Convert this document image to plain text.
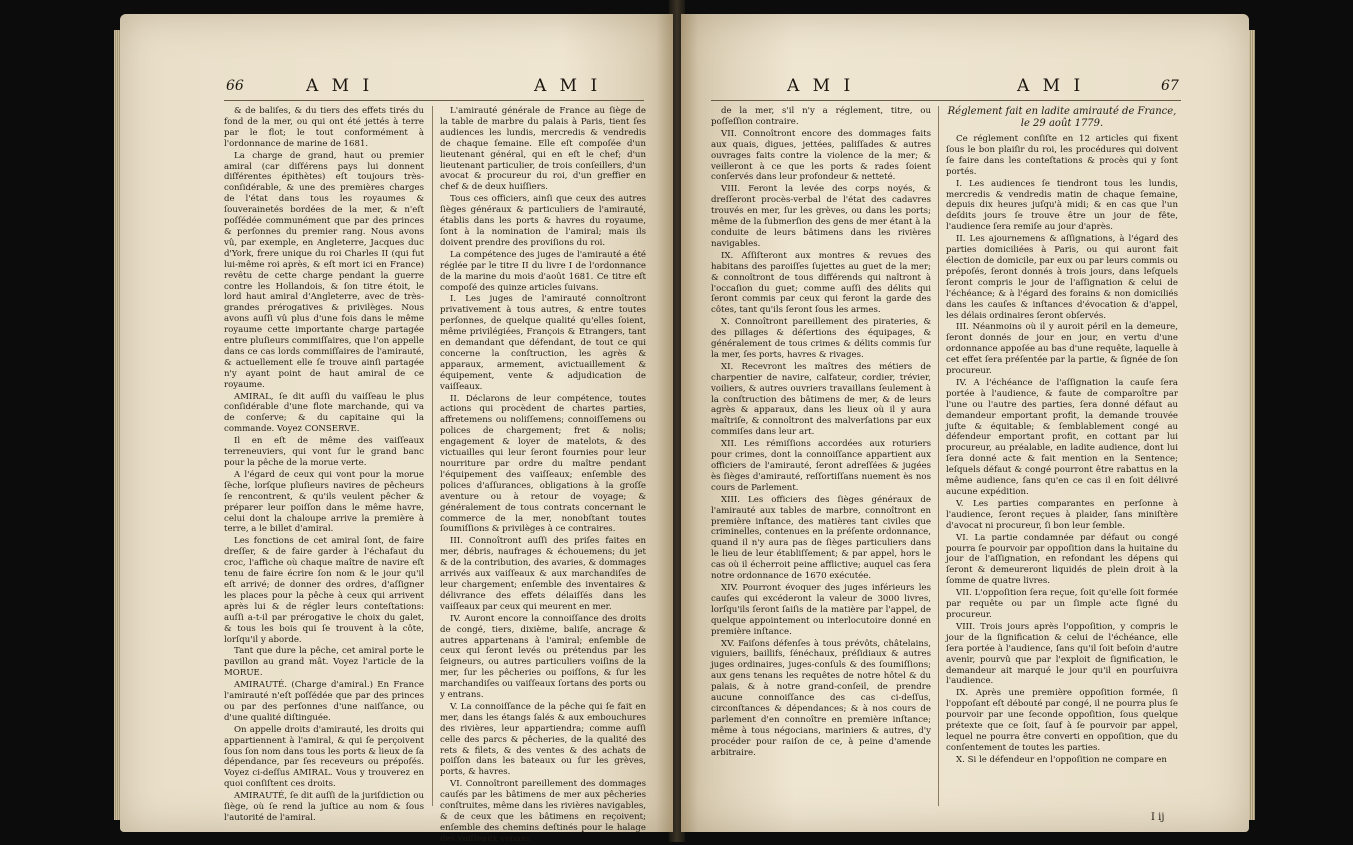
66	A M I	A M I

& de baliſes, & du tiers des effets tirés du fond de la mer, ou qui ont été jettés à terre par le flot; le tout conformément à l'ordonnance de marine de 1681.

La charge de grand, haut ou premier amiral (car diſférens pays lui donnent diſférentes épithètes) eſt toujours très-conſidérable, & une des premières charges de l'état dans tous les royaumes & ſouverainetés bordées de la mer, & n'eſt poſſédée communément que par des princes & perſonnes du premier rang. Nous avons vû, par exemple, en Angleterre, Jacques duc d'York, frere unique du roi Charles II (qui fut lui-même roi après, & eſt mort ici en France) revêtu de cette charge pendant la guerre contre les Hollandois, & ſon titre étoit, le lord haut amiral d'Angleterre, avec de très-grandes prérogatives & privilèges. Nous avons auſſi vû plus d'une fois dans le même royaume cette importante charge partagée entre pluſieurs commiſſaires, que l'on appelle dans ce cas lords commiſſaires de l'amirauté, & actuellement elle ſe trouve ainſi partagée n'y ayant point de haut amiral de ce royaume.

AMIRAL, ſe dit auſſi du vaiſſeau le plus conſidérable d'une flote marchande, qui va de conſerve; & du capitaine qui la commande. Voyez CONSERVE.

Il en eſt de même des vaiſſeaux terreneuviers, qui vont ſur le grand banc pour la pêche de la morue verte.

A l'égard de ceux qui vont pour la morue ſèche, lorſque pluſieurs navires de pêcheurs ſe rencontrent, & qu'ils veulent pêcher & préparer leur poiſſon dans le même havre, celui dont la chaloupe arrive la première à terre, a le billet d'amiral.

Les fonctions de cet amiral ſont, de faire dreſſer, & de faire garder à l'échafaut du croc, l'affiche où chaque maître de navire eſt tenu de faire écrire ſon nom & le jour qu'il eſt arrivé; de donner des ordres, d'aſſigner les places pour la pêche à ceux qui arrivent après lui & de régler leurs conteſtations: auſſi a-t-il par prérogative le choix du galet, & tous les bois qui ſe trouvent à la côte, lorſqu'il y aborde.

Tant que dure la pêche, cet amiral porte le pavillon au grand mât. Voyez l'article de la MORUE.

AMIRAUTÉ. (Charge d'amiral.) En France l'amirauté n'eſt poſſédée que par des princes ou par des perſonnes d'une naiſſance, ou d'une qualité diſtinguée.

On appelle droits d'amirauté, les droits qui appartiennent à l'amiral, & qui ſe perçoivent ſous ſon nom dans tous les ports & lieux de ſa dépendance, par ſes receveurs ou prépoſés. Voyez ci-deſſus AMIRAL. Vous y trouverez en quoi conſiſtent ces droits.

AMIRAUTÉ, ſe dit auſſi de la juriſdiction ou ſiège, où ſe rend la juſtice au nom & ſous l'autorité de l'amiral.

L'amirauté générale de France au ſiège de la table de marbre du palais à Paris, tient ſes audiences les lundis, mercredis & vendredis de chaque ſemaine. Elle eſt compoſée d'un lieutenant général, qui en eſt le chef; d'un lieutenant particulier, de trois conſeillers, d'un avocat & procureur du roi, d'un greffier en chef & de deux huiſſiers.

Tous ces officiers, ainſi que ceux des autres ſièges généraux & particuliers de l'amirauté, établis dans les ports & havres du royaume, ſont à la nomination de l'amiral; mais ils doivent prendre des proviſions du roi.

La compétence des juges de l'amirauté a été réglée par le titre II du livre I de l'ordonnance de la marine du mois d'août 1681. Ce titre eſt compoſé des quinze articles ſuivans.

I. Les juges de l'amirauté connoîtront privativement à tous autres, & entre toutes perſonnes, de quelque qualité qu'elles ſoient, même privilégiées, François & Etrangers, tant en demandant que défendant, de tout ce qui concerne la conſtruction, les agrès & apparaux, armement, avictuaillement & équipement, vente & adjudication de vaiſſeaux.

II. Déclarons de leur compétence, toutes actions qui procèdent de chartes parties, affretemens ou noliſſemens; connoiſſemens ou polices de chargement; fret & nolis; engagement & loyer de matelots, & des victuailles qui leur ſeront fournies pour leur nourriture par ordre du maître pendant l'équipement des vaiſſeaux; enſemble des polices d'aſſurances, obligations à la groſſe aventure ou à retour de voyage; & généralement de tous contrats concernant le commerce de la mer, nonobſtant toutes ſoumiſſions & privilèges à ce contraires.

III. Connoîtront auſſi des priſes faites en mer, débris, naufrages & échouemens; du jet & de la contribution, des avaries, & dommages arrivés aux vaiſſeaux & aux marchandiſes de leur chargement; enſemble des inventaires & délivrance des effets délaiſſés dans les vaiſſeaux par ceux qui meurent en mer.

IV. Auront encore la connoiſſance des droits de congé, tiers, dixième, baliſe, ancrage & autres appartenans à l'amiral; enſemble de ceux qui ſeront levés ou prétendus par les ſeigneurs, ou autres particuliers voiſins de la mer, ſur les pêcheries ou poiſſons, & ſur les marchandiſes ou vaiſſeaux ſortans des ports ou y entrans.

V. La connoiſſance de la pêche qui ſe fait en mer, dans les étangs ſalés & aux embouchures des rivières, leur appartiendra; comme auſſi celle des parcs & pêcheries, de la qualité des rets & filets, & des ventes & des achats de poiſſon dans les bateaux ou ſur les grèves, ports, & havres.

VI. Connoîtront pareillement des dommages cauſés par les bâtimens de mer aux pêcheries conſtruites, même dans les rivières navigables, & de ceux que les bâtimens en reçoivent; enſemble des chemins deſtinés pour le halage des vaiſſeaux venans

A M I	A M I	67

de la mer, s'il n'y a réglement, titre, ou poſſeſſion contraire.

VII. Connoîtront encore des dommages faits aux quais, digues, jettées, paliſſades & autres ouvrages faits contre la violence de la mer; & veilleront à ce que les ports & rades ſoient conſervés dans leur profondeur & netteté.

VIII. Feront la levée des corps noyés, & dreſſeront procès-verbal de l'état des cadavres trouvés en mer, ſur les grèves, ou dans les ports; même de la ſubmerſion des gens de mer étant à la conduite de leurs bâtimens dans les rivières navigables.

IX. Aſſiſteront aux montres & revues des habitans des paroiſſes ſujettes au guet de la mer; & connoîtront de tous différends qui naîtront à l'occaſion du guet; comme auſſi des délits qui ſeront commis par ceux qui feront la garde des côtes, tant qu'ils ſeront ſous les armes.

X. Connoîtront pareillement des pirateries, & des pillages & déſertions des équipages, & généralement de tous crimes & délits commis ſur la mer, ſes ports, havres & rivages.

XI. Recevront les maîtres des métiers de charpentier de navire, calfateur, cordier, trévier, voiliers, & autres ouvriers travaillans ſeulement à la conſtruction des bâtimens de mer, & de leurs agrès & apparaux, dans les lieux où il y aura maîtriſe, & connoîtront des malverſations par eux commiſes dans leur art.

XII. Les rémiſſions accordées aux roturiers pour crimes, dont la connoiſſance appartient aux officiers de l'amirauté, ſeront adreſſées & jugées ès ſièges d'amirauté, reſſortiſſans nuement ès nos cours de Parlement.

XIII. Les officiers des ſièges généraux de l'amirauté aux tables de marbre, connoîtront en première inſtance, des matières tant civiles que criminelles, contenues en la préſente ordonnance, quand il n'y aura pas de ſièges particuliers dans le lieu de leur établiſſement; & par appel, hors le cas où il écherroit peine afflictive; auquel cas ſera notre ordonnance de 1670 exécutée.

XIV. Pourront évoquer des juges inférieurs les cauſes qui excéderont la valeur de 3000 livres, lorſqu'ils ſeront ſaiſis de la matière par l'appel, de quelque appointement ou interlocutoire donné en première inſtance.

XV. Faiſons défenſes à tous prévôts, châtelains, viguiers, baillifs, ſénéchaux, préſidiaux & autres juges ordinaires, juges-conſuls & des ſoumiſſions; aux gens tenans les requêtes de notre hôtel & du palais, & à notre grand-conſeil, de prendre aucune connoiſſance des cas ci-deſſus, circonſtances & dépendances; & à nos cours de parlement d'en connoître en première inſtance; même à tous négocians, mariniers & autres, d'y procéder pour raiſon de ce, à peine d'amende arbitraire.

Réglement fait en ladite amirauté de France, le 29 août 1779.

Ce réglement conſiſte en 12 articles qui fixent ſous le bon plaiſir du roi, les procédures qui doivent ſe faire dans les conteſtations & procès qui y ſont portés.

I. Les audiences ſe tiendront tous les lundis, mercredis & vendredis matin de chaque ſemaine, depuis dix heures juſqu'à midi; & en cas que l'un deſdits jours ſe trouve être un jour de fête, l'audience ſera remiſe au jour d'après.

II. Les ajournemens & aſſignations, à l'égard des parties domiciliées à Paris, ou qui auront fait élection de domicile, par eux ou par leurs commis ou prépoſés, ſeront donnés à trois jours, dans leſquels ſeront compris le jour de l'aſſignation & celui de l'échéance; & à l'égard des forains & non domiciliés dans les cauſes & inſtances d'évocation & d'appel, les délais ordinaires ſeront obſervés.

III. Néanmoins où il y auroit péril en la demeure, ſeront donnés de jour en jour, en vertu d'une ordonnance appoſée au bas d'une requête, laquelle à cet effet ſera préſentée par la partie, & ſignée de ſon procureur.

IV. A l'échéance de l'aſſignation la cauſe ſera portée à l'audience, & faute de comparoître par l'une ou l'autre des parties, ſera donné défaut au demandeur emportant profit, la demande trouvée juſte & équitable; & ſemblablement congé au défendeur emportant profit, en cottant par lui procureur, au préalable, en ladite audience, dont lui ſera donné acte & fait mention en la Sentence; leſquels défaut & congé pourront être rabattus en la même audience, ſans qu'en ce cas il en ſoit délivré aucune expédition.

V. Les parties comparantes en perſonne à l'audience, ſeront reçues à plaider, ſans miniſtère d'avocat ni procureur, ſi bon leur ſemble.

VI. La partie condamnée par défaut ou congé pourra ſe pourvoir par oppoſition dans la huitaine du jour de l'aſſignation, en refondant les dépens qui ſeront & demeureront liquidés de plein droit à la ſomme de quatre livres.

VII. L'oppoſition ſera reçue, ſoit qu'elle ſoit formée par requête ou par un ſimple acte ſigné du procureur.

VIII. Trois jours après l'oppoſition, y compris le jour de la ſignification & celui de l'échéance, elle ſera portée à l'audience, ſans qu'il ſoit beſoin d'autre avenir, pourvû que par l'exploit de ſignification, le demandeur ait marqué le jour qu'il en pourſuivra l'audience.

IX. Après une première oppoſition formée, ſi l'oppoſant eſt débouté par congé, il ne pourra plus ſe pourvoir par une ſeconde oppoſition, ſous quelque prétexte que ce ſoit, ſauf à ſe pourvoir par appel, lequel ne pourra être converti en oppoſition, que du conſentement de toutes les parties.

X. Si le défendeur en l'oppoſition ne compare en

I ij
